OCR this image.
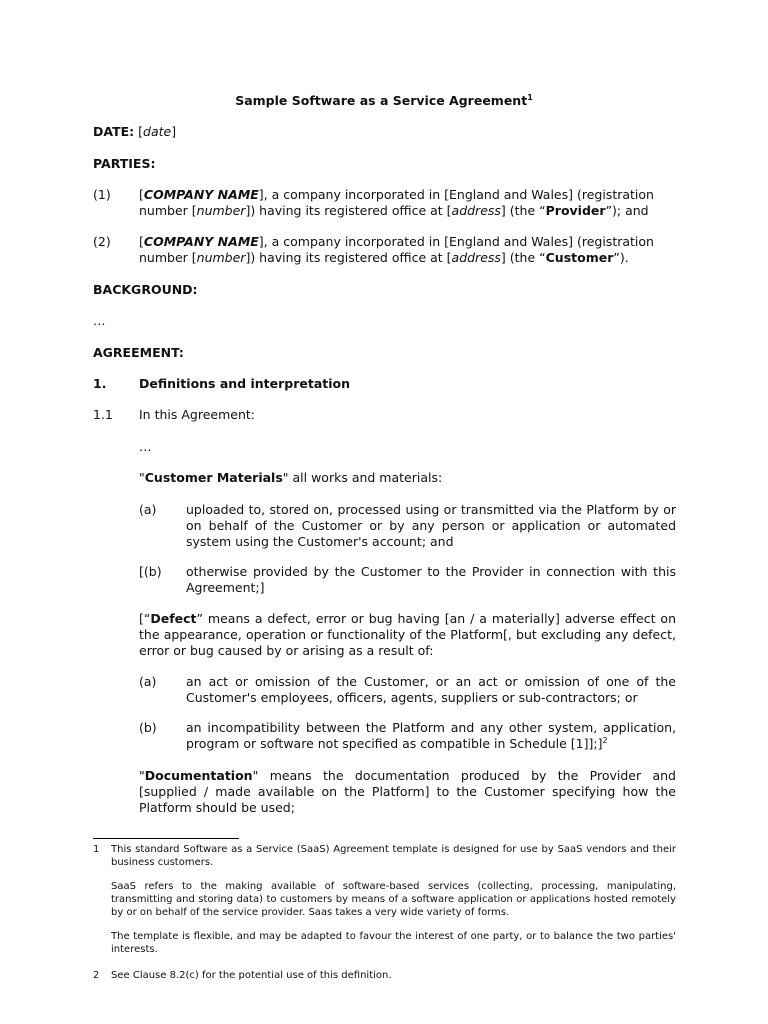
Sample Software as a Service Agreement$^1$
DATE: [date]
PARTIES:
(1) [COMPANY NAME], a company incorporated in [England and Wales] (registration
number [number]) having its registered office at [address] (the “Provider”); and
(2) [COMPANY NAME], a company incorporated in [England and Wales] (registration
number [number]) having its registered office at [address] (the “Customer”).
BACKGROUND:
…
AGREEMENT:
1.	Definitions and interpretation
1.1 In this Agreement:
…
"Customer Materials" all works and materials:
(a) uploaded to, stored on, processed using or transmitted via the Platform by or on behalf of the Customer or by any person or application or automated system using the Customer's account; and
[(b) otherwise provided by the Customer to the Provider in connection with this Agreement;]
[“Defect” means a defect, error or bug having [an / a materially] adverse effect on the appearance, operation or functionality of the Platform[, but excluding any defect, error or bug caused by or arising as a result of:
(a) an act or omission of the Customer, or an act or omission of one of the Customer's employees, officers, agents, suppliers or sub-contractors; or
(b) an incompatibility between the Platform and any other system, application, program or software not specified as compatible in Schedule [1]];]$^2$
"Documentation" means the documentation produced by the Provider and [supplied / made available on the Platform] to the Customer specifying how the Platform should be used;
1 This standard Software as a Service (SaaS) Agreement template is designed for use by SaaS vendors and their business customers.
SaaS refers to the making available of software-based services (collecting, processing, manipulating, transmitting and storing data) to customers by means of a software application or applications hosted remotely by or on behalf of the service provider. Saas takes a very wide variety of forms.
The template is flexible, and may be adapted to favour the interest of one party, or to balance the two parties' interests.
2 See Clause 8.2(c) for the potential use of this definition.
